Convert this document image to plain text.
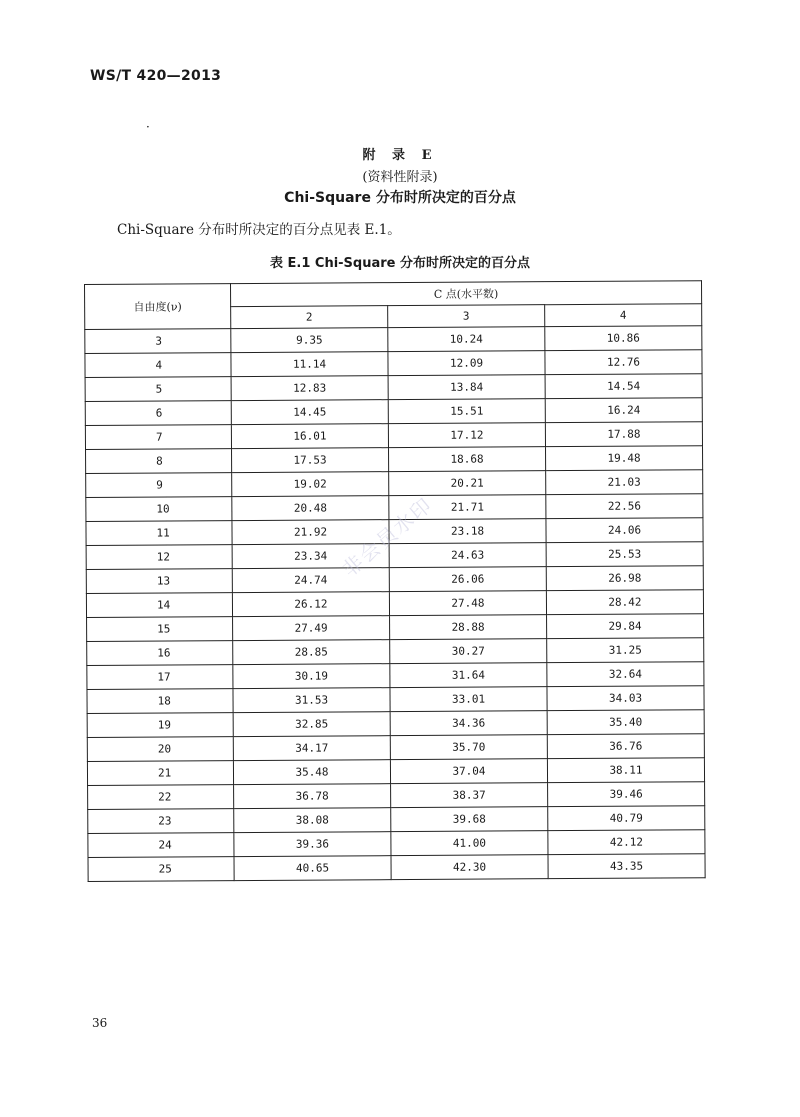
WS/T 420—2013
·
附 录 E
(资料性附录)
Chi-Square 分布时所决定的百分点
Chi-Square 分布时所决定的百分点见表 E.1。
表 E.1 Chi-Square 分布时所决定的百分点
自由度(ν)	C 点(水平数)		
	2	3	4
3	9.35	10.24	10.86
4	11.14	12.09	12.76
5	12.83	13.84	14.54
6	14.45	15.51	16.24
7	16.01	17.12	17.88
8	17.53	18.68	19.48
9	19.02	20.21	21.03
10	20.48	21.71	22.56
11	21.92	23.18	24.06
12	23.34	24.63	25.53
13	24.74	26.06	26.98
14	26.12	27.48	28.42
15	27.49	28.88	29.84
16	28.85	30.27	31.25
17	30.19	31.64	32.64
18	31.53	33.01	34.03
19	32.85	34.36	35.40
20	34.17	35.70	36.76
21	35.48	37.04	38.11
22	36.78	38.37	39.46
23	38.08	39.68	40.79
24	39.36	41.00	42.12
25	40.65	42.30	43.35
非会员水印
36
